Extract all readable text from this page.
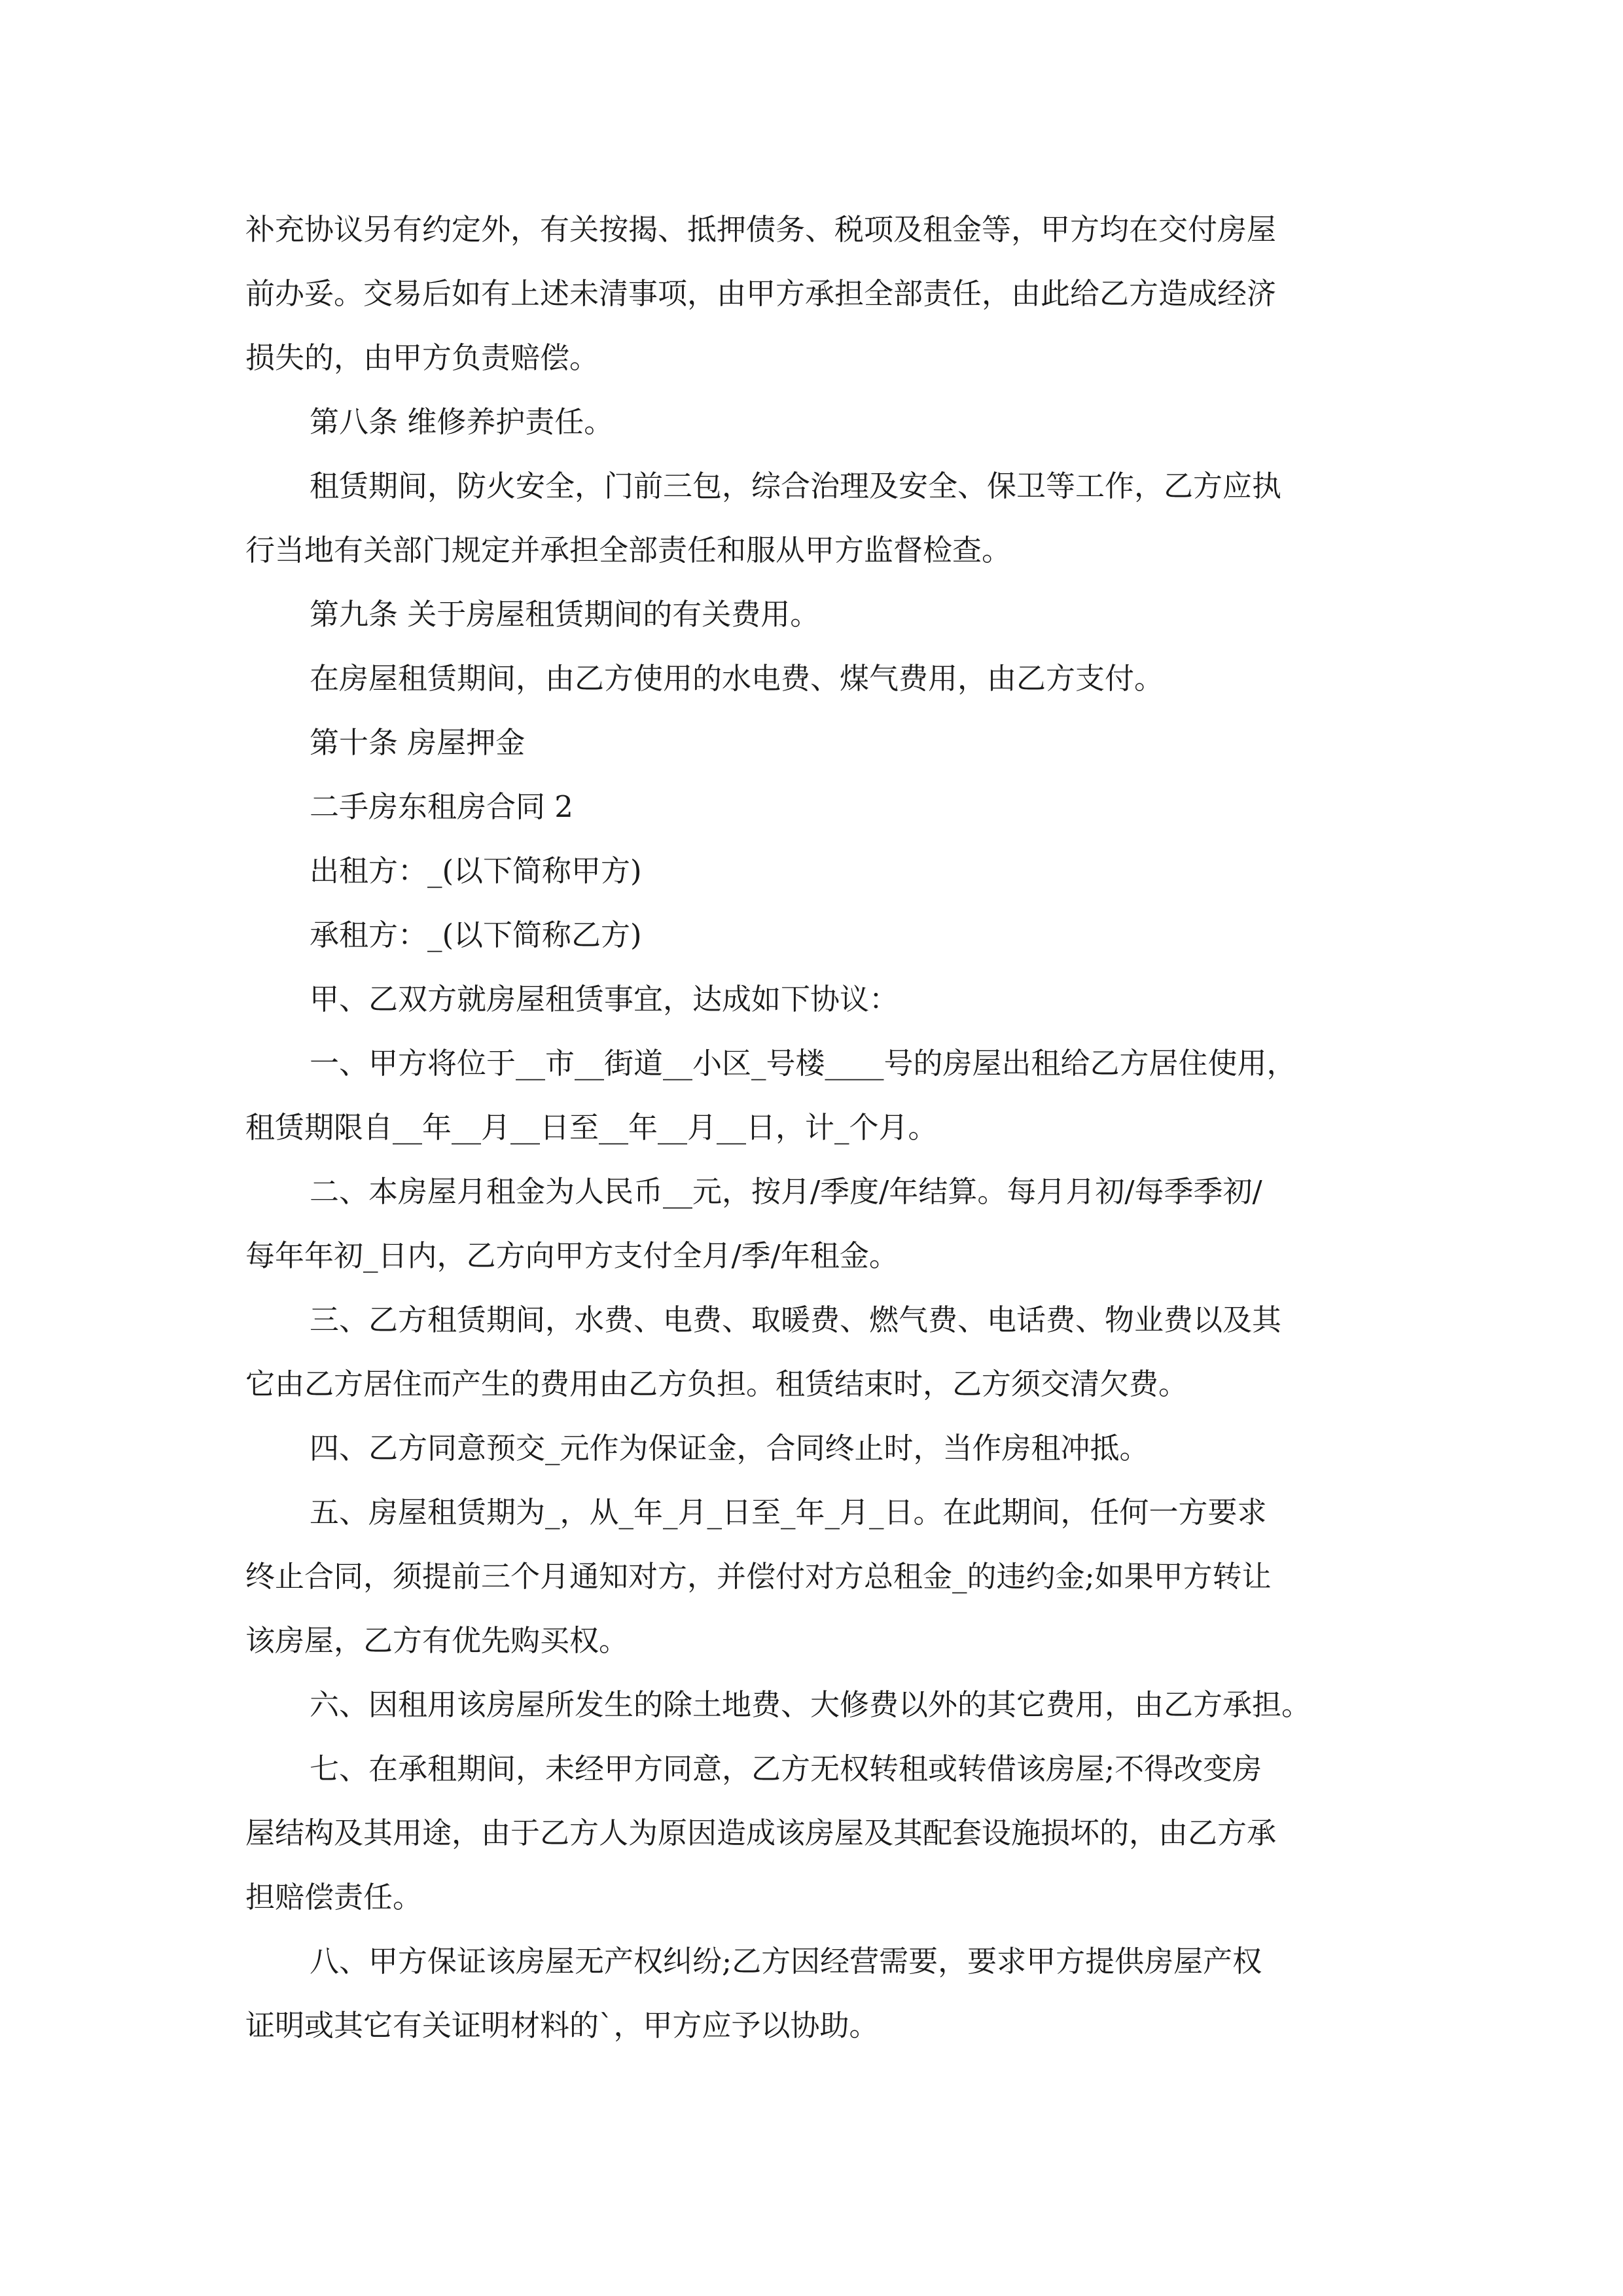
补充协议另有约定外，有关按揭、抵押债务、税项及租金等，甲方均在交付房屋
前办妥。交易后如有上述未清事项，由甲方承担全部责任，由此给乙方造成经济
损失的，由甲方负责赔偿。
第八条 维修养护责任。
租赁期间，防火安全，门前三包，综合治理及安全、保卫等工作，乙方应执
行当地有关部门规定并承担全部责任和服从甲方监督检查。
第九条 关于房屋租赁期间的有关费用。
在房屋租赁期间，由乙方使用的水电费、煤气费用，由乙方支付。
第十条 房屋押金
二手房东租房合同 2
出租方：_(以下简称甲方)
承租方：_(以下简称乙方)
甲、乙双方就房屋租赁事宜，达成如下协议：
一、甲方将位于__市__街道__小区_号楼____号的房屋出租给乙方居住使用，
租赁期限自__年__月__日至__年__月__日，计_个月。
二、本房屋月租金为人民币__元，按月/季度/年结算。每月月初/每季季初/
每年年初_日内，乙方向甲方支付全月/季/年租金。
三、乙方租赁期间，水费、电费、取暖费、燃气费、电话费、物业费以及其
它由乙方居住而产生的费用由乙方负担。租赁结束时，乙方须交清欠费。
四、乙方同意预交_元作为保证金，合同终止时，当作房租冲抵。
五、房屋租赁期为_，从_年_月_日至_年_月_日。在此期间，任何一方要求
终止合同，须提前三个月通知对方，并偿付对方总租金_的违约金;如果甲方转让
该房屋，乙方有优先购买权。
六、因租用该房屋所发生的除土地费、大修费以外的其它费用，由乙方承担。
七、在承租期间，未经甲方同意，乙方无权转租或转借该房屋;不得改变房
屋结构及其用途，由于乙方人为原因造成该房屋及其配套设施损坏的，由乙方承
担赔偿责任。
八、甲方保证该房屋无产权纠纷;乙方因经营需要，要求甲方提供房屋产权
证明或其它有关证明材料的`，甲方应予以协助。
